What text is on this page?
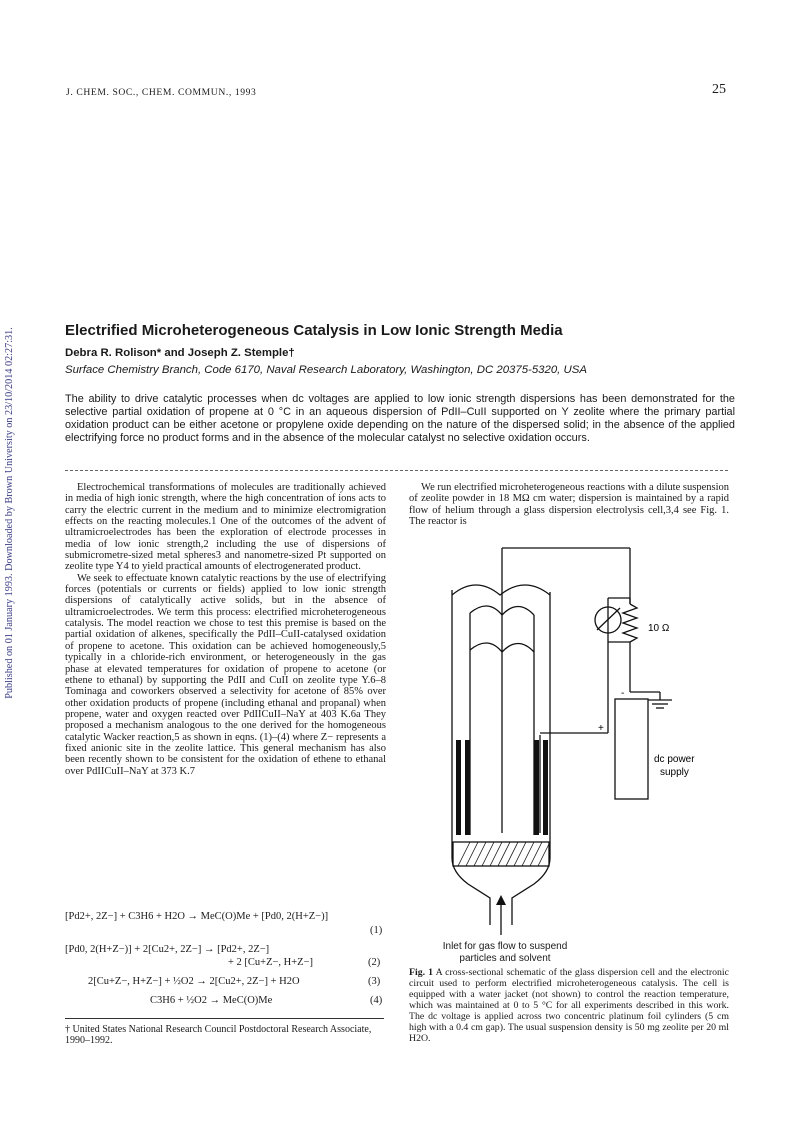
Published on 01 January 1993. Downloaded by Brown University on 23/10/2014 02:27:31.
J. CHEM. SOC., CHEM. COMMUN., 1993	25
Electrified Microheterogeneous Catalysis in Low Ionic Strength Media
Debra R. Rolison* and Joseph Z. Stemple†
Surface Chemistry Branch, Code 6170, Naval Research Laboratory, Washington, DC 20375-5320, USA
The ability to drive catalytic processes when dc voltages are applied to low ionic strength dispersions has been demonstrated for the selective partial oxidation of propene at 0 °C in an aqueous dispersion of PdII–CuII supported on Y zeolite where the primary partial oxidation product can be either acetone or propylene oxide depending on the nature of the dispersed solid; in the absence of the applied electrifying force no product forms and in the absence of the molecular catalyst no selective oxidation occurs.

Electrochemical transformations of molecules are traditionally achieved in media of high ionic strength, where the high concentration of ions acts to carry the electric current in the medium and to minimize electromigration effects on the reacting molecules.1 One of the outcomes of the advent of ultramicroelectrodes has been the exploration of electrode processes in media of low ionic strength,2 including the use of dispersions of submicrometre-sized metal spheres3 and nanometre-sized Pt supported on zeolite type Y4 to yield practical amounts of electrogenerated product.

We seek to effectuate known catalytic reactions by the use of electrifying forces (potentials or currents or fields) applied to low ionic strength dispersions of catalytically active solids, but in the absence of ultramicroelectrodes. We term this process: electrified microheterogeneous catalysis. The model reaction we chose to test this premise is based on the partial oxidation of alkenes, specifically the PdII–CuII-catalysed oxidation of propene to acetone. This oxidation can be achieved homogeneously,5 typically in a chloride-rich environment, or heterogeneously in the gas phase at elevated temperatures for oxidation of propene to acetone (or ethene to ethanal) by supporting the PdII and CuII on zeolite type Y.6–8 Tominaga and coworkers observed a selectivity for acetone of 85% over other oxidation products of propene (including ethanal and propanal) when propene, water and oxygen reacted over PdIICuII–NaY at 403 K.6a They proposed a mechanism analogous to the one derived for the homogeneous catalytic Wacker reaction,5 as shown in eqns. (1)–(4) where Z− represents a fixed anionic site in the zeolite lattice. This general mechanism has also been recently shown to be consistent for the oxidation of ethene to ethanal over PdIICuII–NaY at 373 K.7

[Pd2+, 2Z−] + C3H6 + H2O → MeC(O)Me + [Pd0, 2(H+Z−)]
(1)
[Pd0, 2(H+Z−)] + 2[Cu2+, 2Z−] → [Pd2+, 2Z−]
+ 2 [Cu+Z−, H+Z−]	(2)
2[Cu+Z−, H+Z−] + ½O2 → 2[Cu2+, 2Z−] + H2O	(3)
C3H6 + ½O2 → MeC(O)Me	(4)
† United States National Research Council Postdoctoral Research Associate, 1990–1992.

We run electrified microheterogeneous reactions with a dilute suspension of zeolite powder in 18 MΩ cm water; dispersion is maintained by a rapid flow of helium through a glass dispersion electrolysis cell,3,4 see Fig. 1. The reactor is

10 Ω
-
+
dc power
supply
Inlet for gas flow to suspend
particles and solvent
Fig. 1 A cross-sectional schematic of the glass dispersion cell and the electronic circuit used to perform electrified microheterogeneous catalysis. The cell is equipped with a water jacket (not shown) to control the reaction temperature, which was maintained at 0 to 5 °C for all experiments described in this work. The dc voltage is applied across two concentric platinum foil cylinders (5 cm high with a 0.4 cm gap). The usual suspension density is 50 mg zeolite per 20 ml H2O.
